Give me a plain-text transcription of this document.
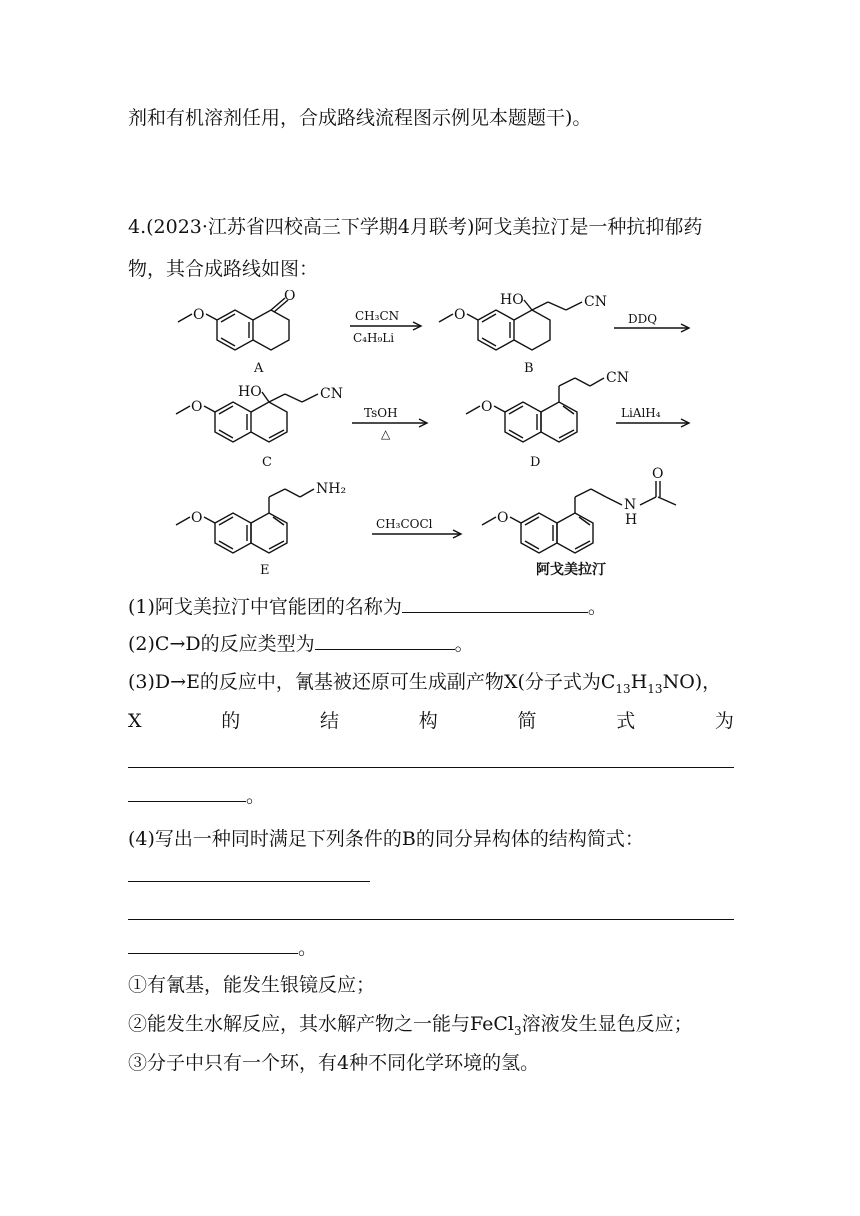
剂和有机溶剂任用，合成路线流程图示例见本题题干)。
4.(2023·江苏省四校高三下学期4月联考)阿戈美拉汀是一种抗抑郁药
物，其合成路线如图：
O
O
A
CH₃CN
C₄H₉Li
O
HO	CN
B
DDQ
O
HO	CN
C
TsOH
△
O
CN
D
LiAlH₄
O
NH₂
E
CH₃COCl	O
N
H
O
阿戈美拉汀
(1)阿戈美拉汀中官能团的名称为	。
(2)C→D的反应类型为	。
(3)D→E的反应中，氰基被还原可生成副产物X(分子式为$C_{13}H_{13}NO$)，
X	的	结	构	简	式	为
。
(4)写出一种同时满足下列条件的B的同分异构体的结构简式：
。
①有氰基，能发生银镜反应；
②能发生水解反应，其水解产物之一能与FeCl$_3$溶液发生显色反应；
③分子中只有一个环，有4种不同化学环境的氢。
